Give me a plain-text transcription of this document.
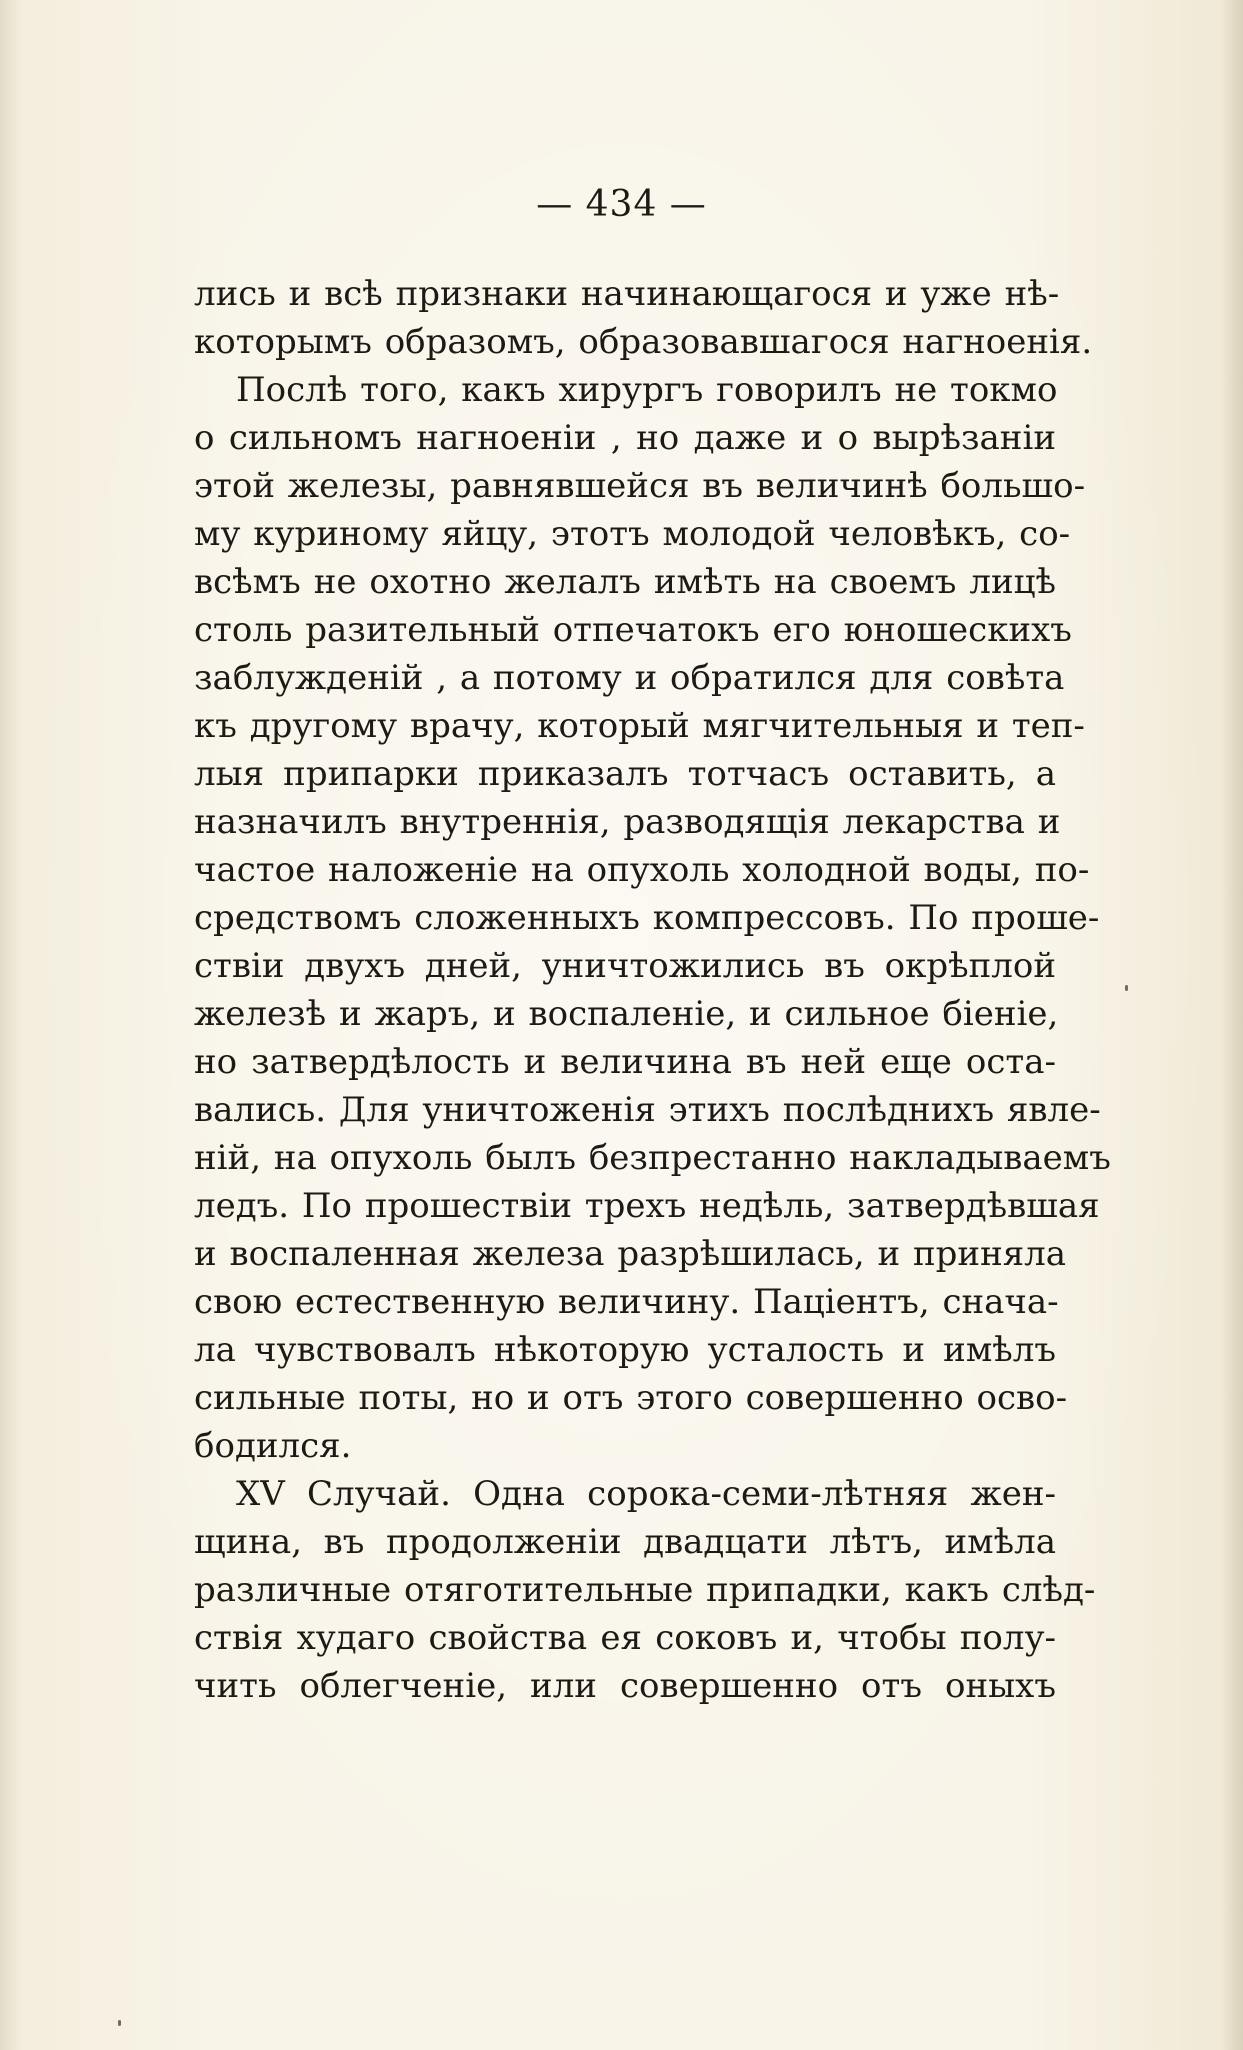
— 434 —
лись и всѣ признаки начинающагося и уже нѣ-
которымъ образомъ, образовавшагося нагноенія.
Послѣ того, какъ хирургъ говорилъ не токмо
о сильномъ нагноеніи , но даже и о вырѣзаніи
этой железы, равнявшейся въ величинѣ большо-
му куриному яйцу, этотъ молодой человѣкъ, со-
всѣмъ не охотно желалъ имѣть на своемъ лицѣ
столь разительный отпечатокъ его юношескихъ
заблужденій , а потому и обратился для совѣта
къ другому врачу, который мягчительныя и теп-
лыя припарки приказалъ тотчасъ оставить, а
назначилъ внутреннія, разводящія лекарства и
частое наложеніе на опухоль холодной воды, по-
средствомъ сложенныхъ компрессовъ. По проше-
ствіи двухъ дней, уничтожились въ окрѣплой
железѣ и жаръ, и воспаленіе, и сильное біеніе,
но затвердѣлость и величина въ ней еще оста-
вались. Для уничтоженія этихъ послѣднихъ явле-
ній, на опухоль былъ безпрестанно накладываемъ
ледъ. По прошествіи трехъ недѣль, затвердѣвшая
и воспаленная железа разрѣшилась, и приняла
свою естественную величину. Паціентъ, снача-
ла чувствовалъ нѣкоторую усталость и имѣлъ
сильные поты, но и отъ этого совершенно осво-
бодился.
XV Случай. Одна сорока-семи-лѣтняя жен-
щина, въ продолженіи двадцати лѣтъ, имѣла
различные отяготительные припадки, какъ слѣд-
ствія худаго свойства ея соковъ и, чтобы полу-
чить облегченіе, или совершенно отъ оныхъ
